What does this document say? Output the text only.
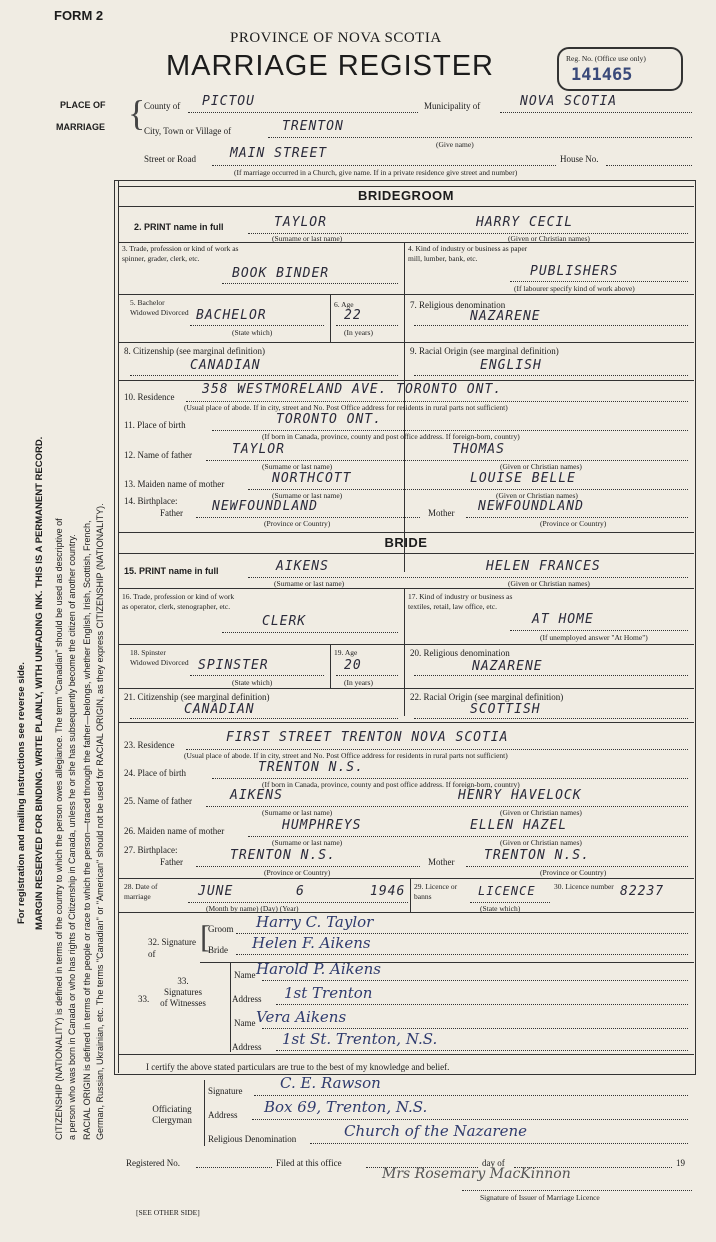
FORM 2
PROVINCE OF NOVA SCOTIA
MARRIAGE REGISTER	Reg. No. (Office use only)
141465
PLACE OF
MARRIAGE {
County of PICTOU	Municipality of	NOVA SCOTIA
City, Town or Village of	TRENTON
(Give name)
Street or Road	MAIN STREET	House No.
(If marriage occurred in a Church, give name. If in a private residence give street and number)
BRIDEGROOM
2. PRINT name in full	TAYLOR	HARRY CECIL
(Surname or last name)	(Given or Christian names)
3. Trade, profession or kind of work as spinner, grader, clerk, etc.
BOOK BINDER
4. Kind of industry or business as paper mill, lumber, bank, etc.
PUBLISHERS
(If labourer specify kind of work above)
5. Bachelor Widowed Divorced BACHELOR
(State which)
6. Age
22
(In years)
7. Religious denomination
NAZARENE
8. Citizenship (see marginal definition)
CANADIAN
9. Racial Origin (see marginal definition)
ENGLISH
10. Residence 358 WESTMORELAND AVE. TORONTO ONT.
(Usual place of abode. If in city, street and No. Post Office address for residents in rural parts not sufficient)
11. Place of birth	TORONTO ONT.
(If born in Canada, province, county and post office address. If foreign-born, country)
12. Name of father	TAYLOR	THOMAS
(Surname or last name)	(Given or Christian names)
13. Maiden name of mother	NORTHCOTT	LOUISE BELLE
(Surname or last name)	(Given or Christian names)
14. Birthplace:
Father NEWFOUNDLAND	Mother NEWFOUNDLAND
(Province or Country)	(Province or Country)
BRIDE
15. PRINT name in full	AIKENS	HELEN FRANCES
(Surname or last name)	(Given or Christian names)
16. Trade, profession or kind of work as operator, clerk, stenographer, etc.
CLERK
17. Kind of industry or business as textiles, retail, law office, etc.
AT HOME
(If unemployed answer "At Home")
18. Spinster Widowed Divorced SPINSTER
(State which)
19. Age
20
(In years)
20. Religious denomination
NAZARENE
21. Citizenship (see marginal definition)
CANADIAN
22. Racial Origin (see marginal definition)
SCOTTISH
23. Residence	FIRST STREET TRENTON NOVA SCOTIA
(Usual place of abode. If in city, street and No. Post Office address for residents in rural parts not sufficient)
24. Place of birth	TRENTON N.S.
(If born in Canada, province, county and post office address. If foreign-born, country)
25. Name of father	AIKENS	HENRY HAVELOCK
(Surname or last name)	(Given or Christian names)
26. Maiden name of mother	HUMPHREYS	ELLEN HAZEL
(Surname or last name)	(Given or Christian names)
27. Birthplace:
Father	TRENTON N.S.	Mother TRENTON N.S.
(Province or Country)	(Province or Country)
28. Date of marriage	JUNE	6	1946
(Month by name) (Day) (Year)
29. Licence or banns	LICENCE
(State which)
30. Licence number 82237
32. Signature of	[
Groom Harry C. Taylor
Bride Helen F. Aikens
33.
33. Signatures of Witnesses
Name Harold P. Aikens
Address 1st Trenton
Name Vera Aikens
Address 1st St. Trenton, N.S.
I certify the above stated particulars are true to the best of my knowledge and belief.
Officiating Clergyman
Signature	C. E. Rawson
Address Box 69, Trenton, N.S.
Religious Denomination	Church of the Nazarene
Registered No.	Filed at this office	day of	19
Mrs Rosemary MacKinnon
Signature of Issuer of Marriage Licence
[SEE OTHER SIDE]
For registration and mailing instructions see reverse side. MARGIN RESERVED FOR BINDING. WRITE PLAINLY, WITH UNFADING INK. THIS IS A PERMANENT RECORD. CITIZENSHIP (NATIONALITY) is defined in terms of the country to which the person owes allegiance. The term "Canadian" should be used as descriptive of a person who was born in Canada or who has rights of Citizenship in Canada, unless he or she has subsequently become the citizen of another country. RACIAL ORIGIN is defined in terms of the people or race to which the person—traced through the father—belongs, whether English, Irish, Scottish, French, German, Russian, Ukrainian, etc. The terms "Canadian" or "American" should not be used for RACIAL ORIGIN, as they express CITIZENSHIP (NATIONALITY).
